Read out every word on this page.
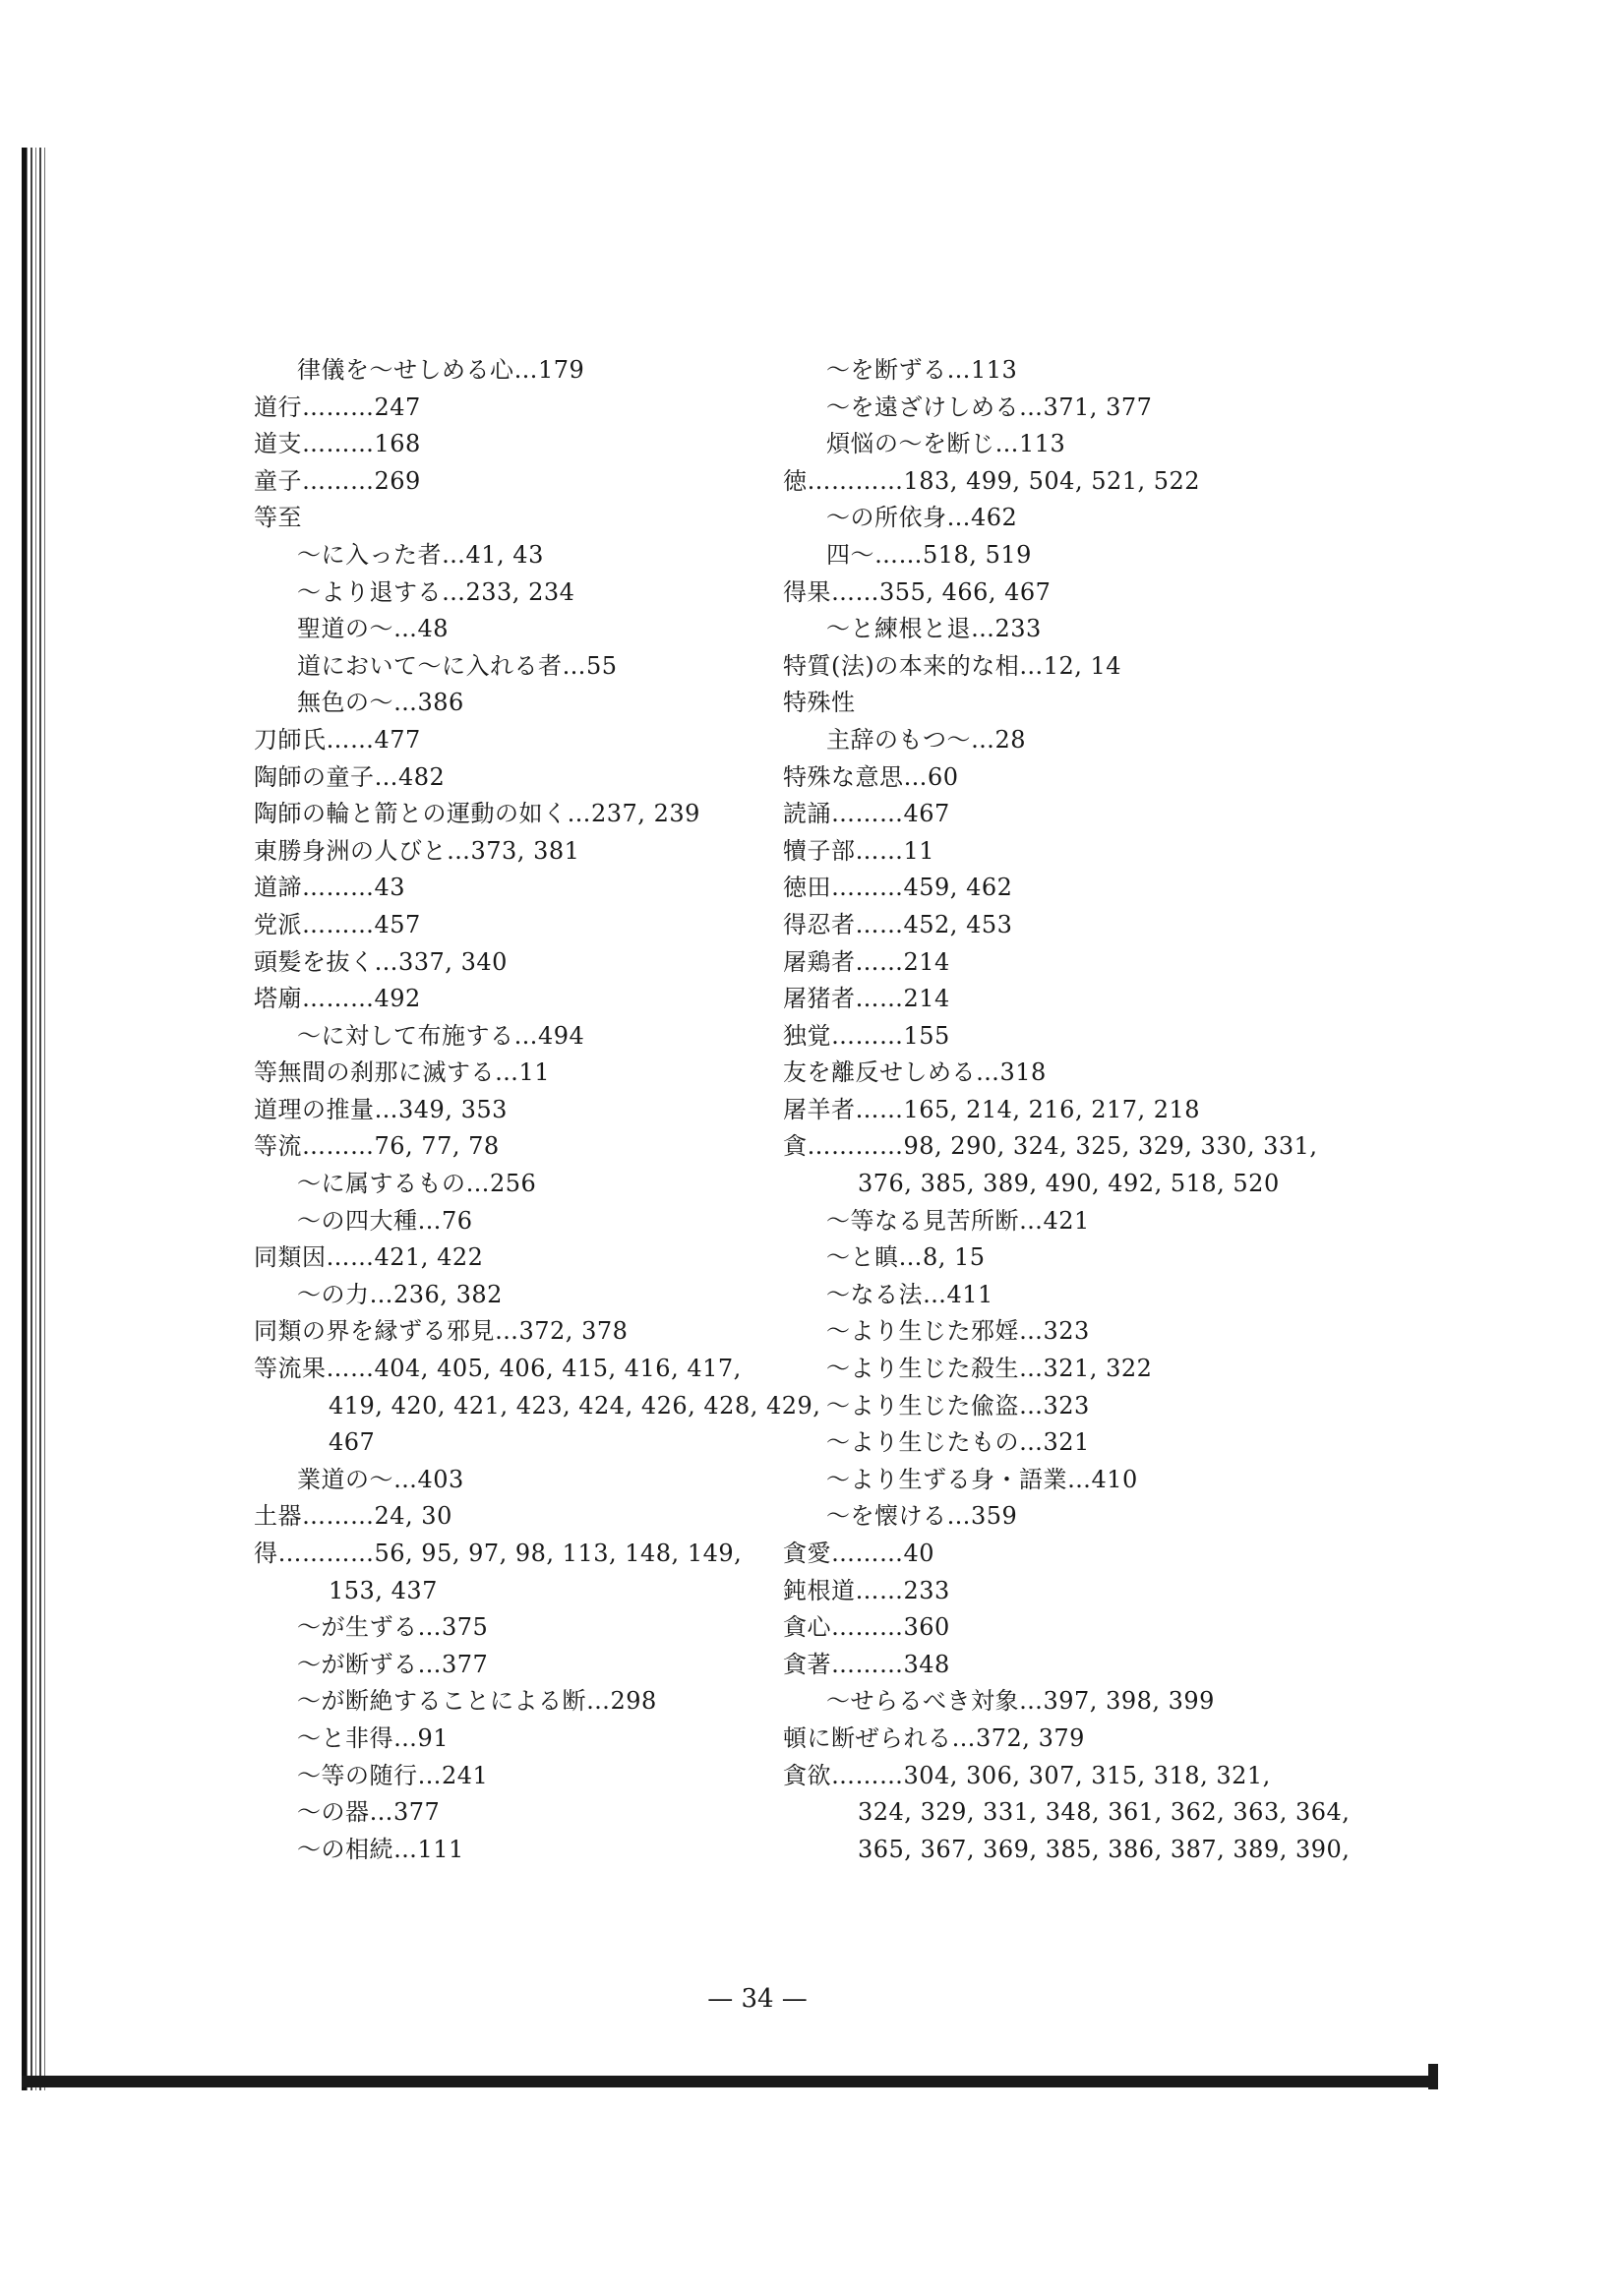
律儀を～せしめる心…179
道行………247
道支………168
童子………269
等至
～に入った者…41, 43
～より退する…233, 234
聖道の～…48
道において～に入れる者…55
無色の～…386
刀師氏……477
陶師の童子…482
陶師の輪と箭との運動の如く…237, 239
東勝身洲の人びと…373, 381
道諦………43
党派………457
頭髪を抜く…337, 340
塔廟………492
～に対して布施する…494
等無間の刹那に滅する…11
道理の推量…349, 353
等流………76, 77, 78
～に属するもの…256
～の四大種…76
同類因……421, 422
～の力…236, 382
同類の界を縁ずる邪見…372, 378
等流果……404, 405, 406, 415, 416, 417,
419, 420, 421, 423, 424, 426, 428, 429,
467
業道の～…403
土器………24, 30
得…………56, 95, 97, 98, 113, 148, 149,
153, 437
～が生ずる…375
～が断ずる…377
～が断絶することによる断…298
～と非得…91
～等の随行…241
～の器…377
～の相続…111
～を断ずる…113
～を遠ざけしめる…371, 377
煩悩の～を断じ…113
徳…………183, 499, 504, 521, 522
～の所依身…462
四～……518, 519
得果……355, 466, 467
～と練根と退…233
特質(法)の本来的な相…12, 14
特殊性
主辞のもつ～…28
特殊な意思…60
読誦………467
犢子部……11
徳田………459, 462
得忍者……452, 453
屠鶏者……214
屠猪者……214
独覚………155
友を離反せしめる…318
屠羊者……165, 214, 216, 217, 218
貪…………98, 290, 324, 325, 329, 330, 331,
376, 385, 389, 490, 492, 518, 520
～等なる見苦所断…421
～と瞋…8, 15
～なる法…411
～より生じた邪婬…323
～より生じた殺生…321, 322
～より生じた偸盗…323
～より生じたもの…321
～より生ずる身・語業…410
～を懐ける…359
貪愛………40
鈍根道……233
貪心………360
貪著………348
～せらるべき対象…397, 398, 399
頓に断ぜられる…372, 379
貪欲………304, 306, 307, 315, 318, 321,
324, 329, 331, 348, 361, 362, 363, 364,
365, 367, 369, 385, 386, 387, 389, 390,
— 34 —
